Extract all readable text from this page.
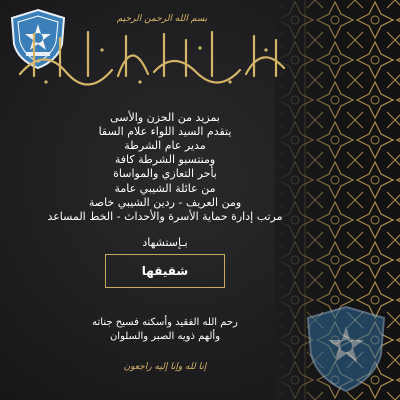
بسم الله الرحمن الرحيم
بمزيد من الحزن والأسى
يتقدم السيد اللواء علام السقا
مدير عام الشرطة
ومنتسبو الشرطة كافة
بأحر التعازي والمواساة
من عائلة الشيبي عامة
ومن العريف - ردين الشيبي خاصة
مرتب إدارة حماية الأسرة والأحداث - الخط المساعد
بـإستشهاد
شقيقها
رحم الله الفقيد وأسكنه فسيح جناته
وألهم ذويه الصبر والسلوان
إنا لله وإنا إليه راجعون
